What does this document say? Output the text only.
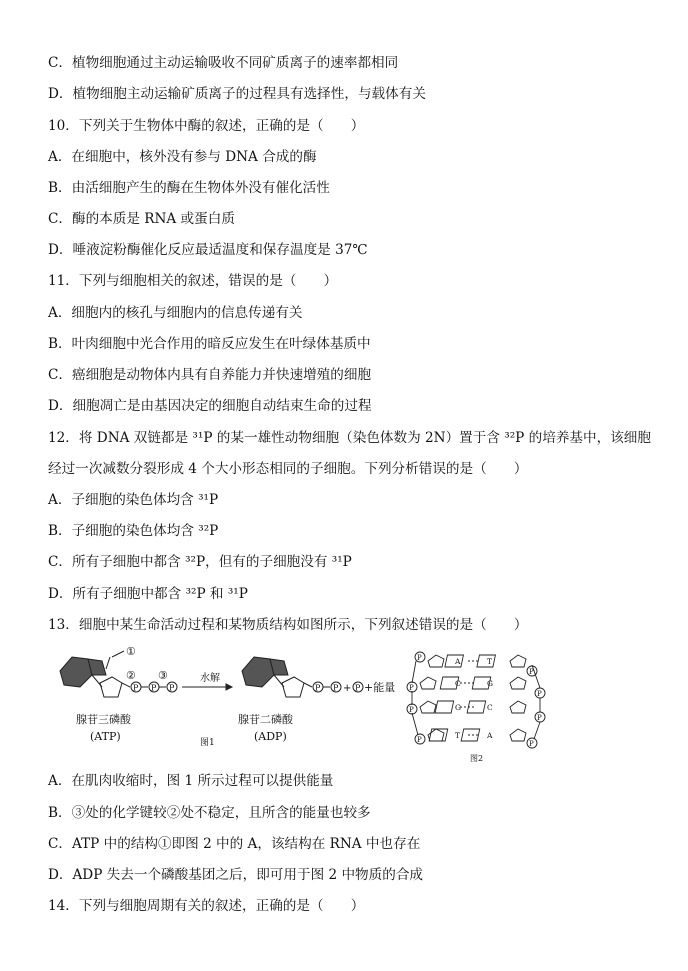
C．植物细胞通过主动运输吸收不同矿质离子的速率都相同
D．植物细胞主动运输矿质离子的过程具有选择性，与载体有关
10．下列关于生物体中酶的叙述，正确的是（　　）
A．在细胞中，核外没有参与 DNA 合成的酶
B．由活细胞产生的酶在生物体外没有催化活性
C．酶的本质是 RNA 或蛋白质
D．唾液淀粉酶催化反应最适温度和保存温度是 37℃
11．下列与细胞相关的叙述，错误的是（　　）
A．细胞内的核孔与细胞内的信息传递有关
B．叶肉细胞中光合作用的暗反应发生在叶绿体基质中
C．癌细胞是动物体内具有自养能力并快速增殖的细胞
D．细胞凋亡是由基因决定的细胞自动结束生命的过程
12．将 DNA 双链都是 ³¹P 的某一雄性动物细胞（染色体数为 2N）置于含 ³²P 的培养基中，该细胞
经过一次减数分裂形成 4 个大小形态相同的子细胞。下列分析错误的是（　　）
A．子细胞的染色体均含 ³¹P
B．子细胞的染色体均含 ³²P
C．所有子细胞中都含 ³²P，但有的子细胞没有 ³¹P
D．所有子细胞中都含 ³²P 和 ³¹P
13．细胞中某生命活动过程和某物质结构如图所示，下列叙述错误的是（　　）
①
② ③
P P P
水解
P P + P +能量
腺苷三磷酸
(ATP)
腺苷二磷酸
(ADP)
图1
P	A	T
P
P	C	G
P
P	G	C
P
P	T	A
P
图2
A．在肌肉收缩时，图 1 所示过程可以提供能量
B．③处的化学键较②处不稳定，且所含的能量也较多
C．ATP 中的结构①即图 2 中的 A，该结构在 RNA 中也存在
D．ADP 失去一个磷酸基团之后，即可用于图 2 中物质的合成
14．下列与细胞周期有关的叙述，正确的是（　　）
